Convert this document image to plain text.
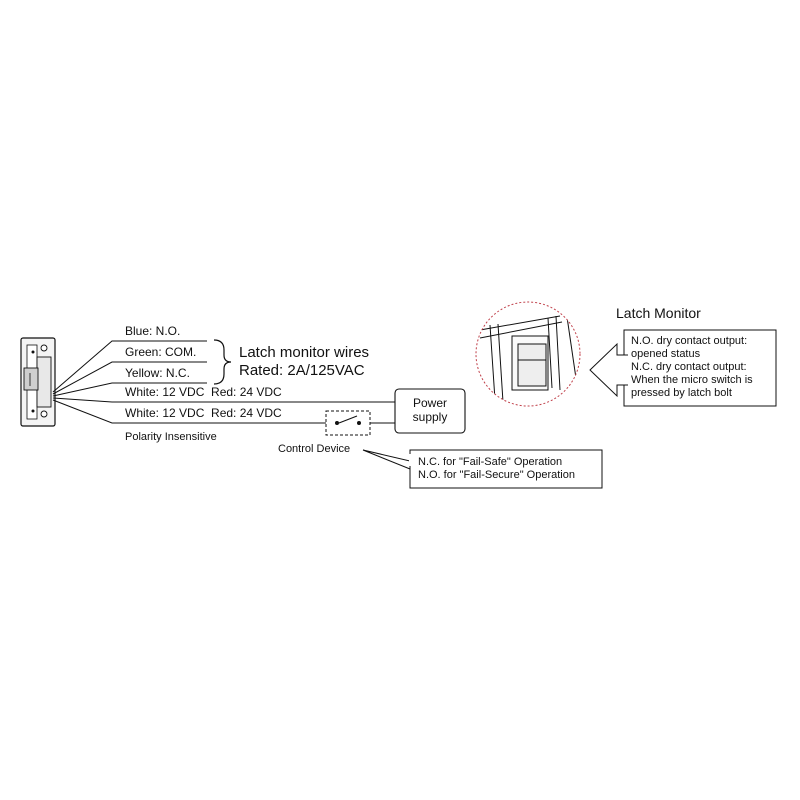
Blue: N.O.
Green: COM.
Yellow: N.C.
White: 12 VDC  Red: 24 VDC
White: 12 VDC  Red: 24 VDC
Polarity Insensitive
Latch monitor wires
Rated: 2A/125VAC
Power
supply
Control Device
N.C. for "Fail-Safe" Operation
N.O. for "Fail-Secure" Operation
Latch Monitor
N.O. dry contact output:
opened status
N.C. dry contact output:
When the micro switch is
pressed by latch bolt
